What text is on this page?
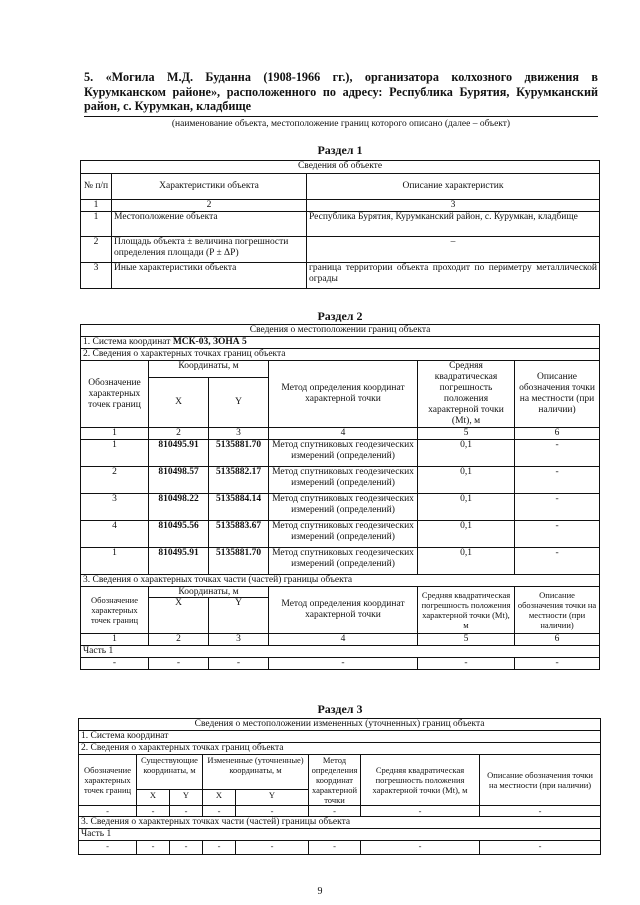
5. «Могила М.Д. Буданна (1908-1966 гг.), организатора колхозного движения в Курумканском районе», расположенного по адресу: Республика Бурятия, Курумканский район, с. Курумкан, кладбище
(наименование объекта, местоположение границ которого описано (далее – объект)
Раздел 1
Сведения об объекте		
№ п/п	Характеристики объекта	Описание характеристик
1	2	3
1	Местоположение объекта	Республика Бурятия, Курумканский район, с. Курумкан, кладбище
2	Площадь объекта ± величина погрешности определения площади (P ± ΔP)	–
3	Иные характеристики объекта	граница территории объекта проходит по периметру металлической ограды
Раздел 2
Сведения о местоположении границ объекта					
1. Система координат МСК-03, ЗОНА 5					
2. Сведения о характерных точках границ объекта					
Обозначение характерных точек границ	Координаты, м		Метод определения координат характерной точки	Средняя квадратическая погрешность положения характерной точки (Mt), м	Описание обозначения точки на местности (при наличии)
	X	Y			
1	2	3	4	5	6
1	810495.91	5135881.70	Метод спутниковых геодезических измерений (определений)	0,1	-
2	810498.57	5135882.17	Метод спутниковых геодезических измерений (определений)	0,1	-
3	810498.22	5135884.14	Метод спутниковых геодезических измерений (определений)	0,1	-
4	810495.56	5135883.67	Метод спутниковых геодезических измерений (определений)	0,1	-
1	810495.91	5135881.70	Метод спутниковых геодезических измерений (определений)	0,1	-
3. Сведения о характерных точках части (частей) границы объекта					
Обозначение характерных точек границ	Координаты, м		Метод определения координат характерной точки	Средняя квадратическая погрешность положения характерной точки (Mt), м	Описание обозначения точки на местности (при наличии)
	X	Y			
1	2	3	4	5	6
Часть 1					
-	-	-	-	-	-
Раздел 3
Сведения о местоположении измененных (уточненных) границ объекта							
1. Система координат							
2. Сведения о характерных точках границ объекта							
Обозначение характерных точек границ	Существующие координаты, м		Измененные (уточненные) координаты, м		Метод определения координат характерной точки	Средняя квадратическая погрешность положения характерной точки (Mt), м	Описание обозначения точки на местности (при наличии)
	X	Y	X	Y			
-	-	-	-	-	-	-	-
3. Сведения о характерных точках части (частей) границы объекта							
Часть 1							
-	-	-	-	-	-	-	-
9
